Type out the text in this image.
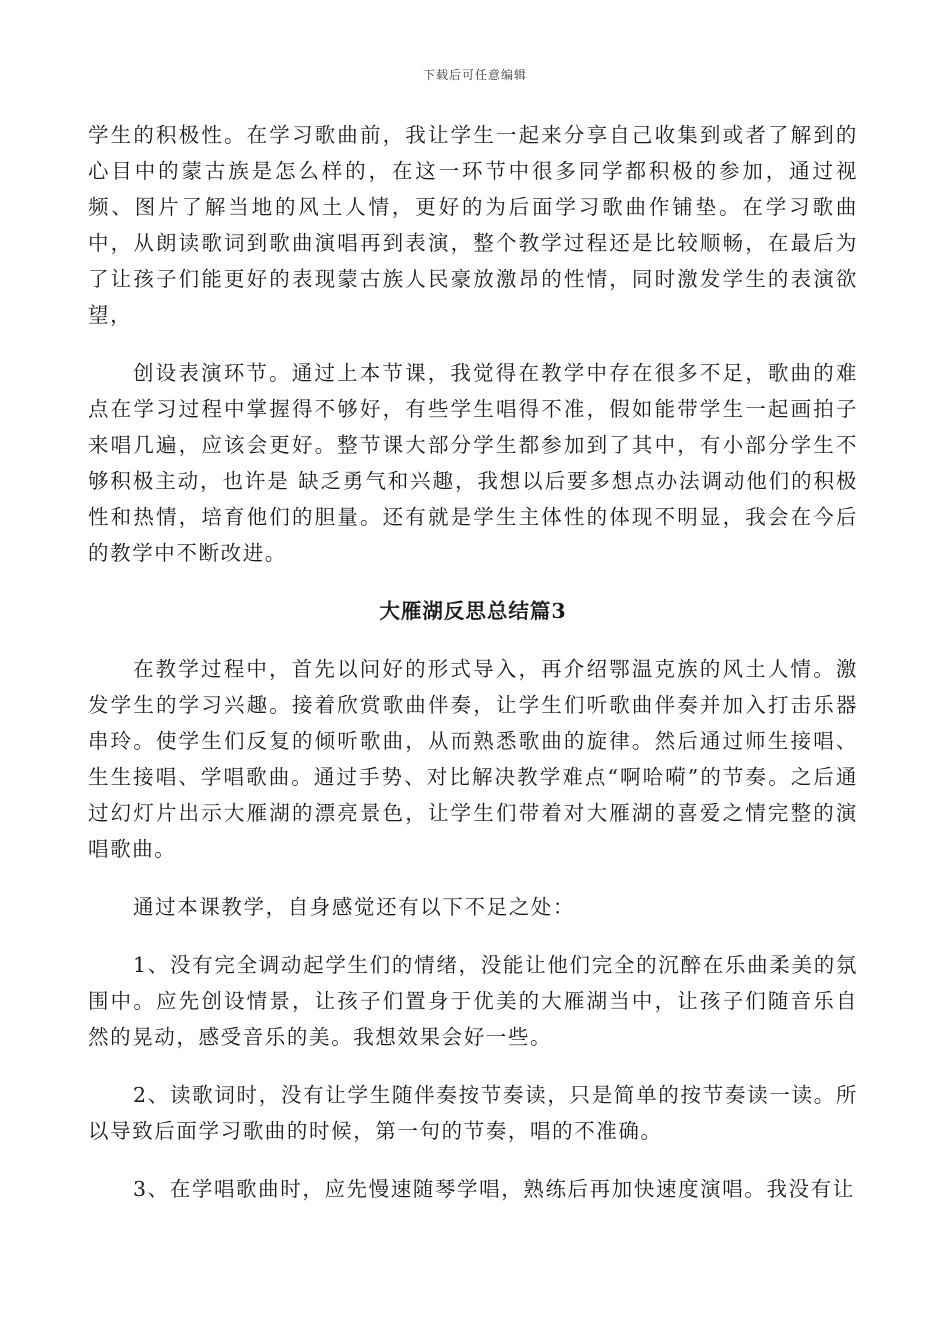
下载后可任意编辑

学生的积极性。在学习歌曲前，我让学生一起来分享自己收集到或者了解到的心目中的蒙古族是怎么样的，在这一环节中很多同学都积极的参加，通过视频、图片了解当地的风土人情，更好的为后面学习歌曲作铺垫。在学习歌曲中，从朗读歌词到歌曲演唱再到表演，整个教学过程还是比较顺畅，在最后为了让孩子们能更好的表现蒙古族人民豪放激昂的性情，同时激发学生的表演欲望，

创设表演环节。通过上本节课，我觉得在教学中存在很多不足，歌曲的难点在学习过程中掌握得不够好，有些学生唱得不准，假如能带学生一起画拍子来唱几遍，应该会更好。整节课大部分学生都参加到了其中，有小部分学生不够积极主动，也许是 缺乏勇气和兴趣，我想以后要多想点办法调动他们的积极性和热情，培育他们的胆量。还有就是学生主体性的体现不明显，我会在今后的教学中不断改进。

大雁湖反思总结篇3

在教学过程中，首先以问好的形式导入，再介绍鄂温克族的风土人情。激发学生的学习兴趣。接着欣赏歌曲伴奏，让学生们听歌曲伴奏并加入打击乐器串玲。使学生们反复的倾听歌曲，从而熟悉歌曲的旋律。然后通过师生接唱、生生接唱、学唱歌曲。通过手势、对比解决教学难点“啊哈嗬”的节奏。之后通过幻灯片出示大雁湖的漂亮景色，让学生们带着对大雁湖的喜爱之情完整的演唱歌曲。

通过本课教学，自身感觉还有以下不足之处：

1、没有完全调动起学生们的情绪，没能让他们完全的沉醉在乐曲柔美的氛围中。应先创设情景，让孩子们置身于优美的大雁湖当中，让孩子们随音乐自然的晃动，感受音乐的美。我想效果会好一些。

2、读歌词时，没有让学生随伴奏按节奏读，只是简单的按节奏读一读。所以导致后面学习歌曲的时候，第一句的节奏，唱的不准确。

3、在学唱歌曲时，应先慢速随琴学唱，熟练后再加快速度演唱。我没有让
